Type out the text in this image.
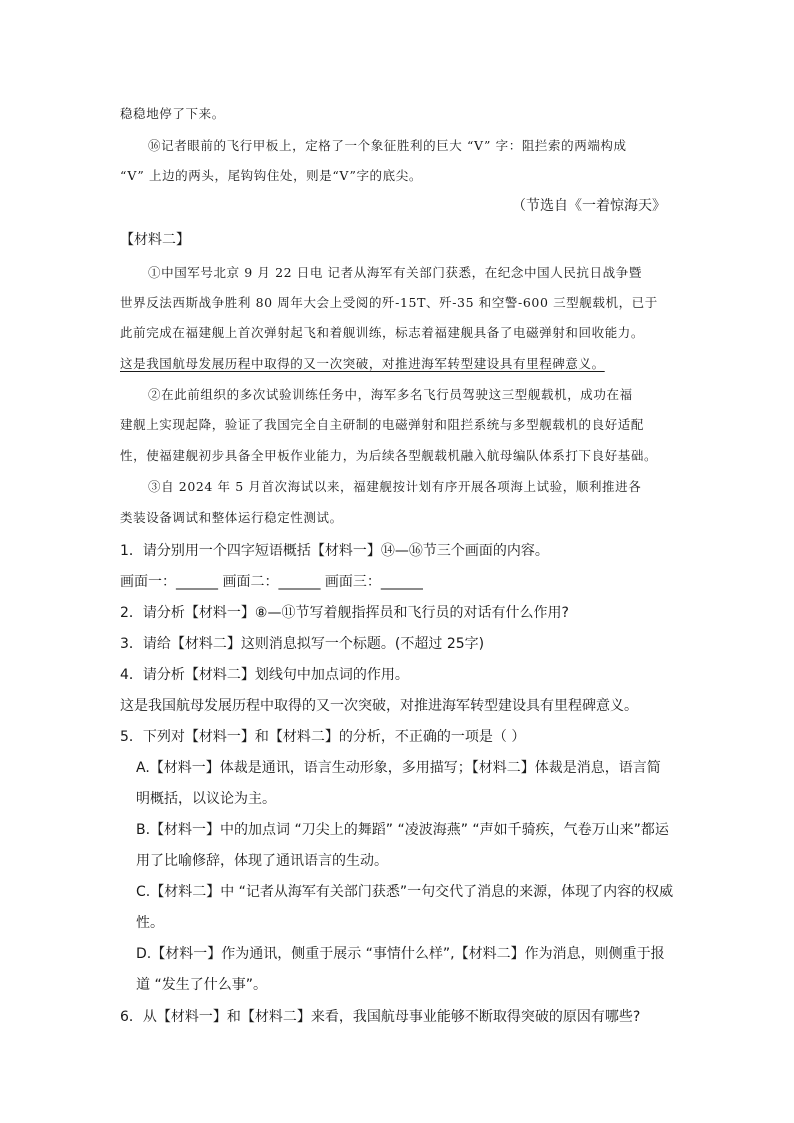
稳稳地停了下来。

⑯记者眼前的飞行甲板上，定格了一个象征胜利的巨大 “V” 字：阻拦索的两端构成

“V” 上边的两头，尾钩钩住处，则是“V”字的底尖。

（节选自《一着惊海天》

【材料二】

①中国军号北京 9 月 22 日电 记者从海军有关部门获悉，在纪念中国人民抗日战争暨

世界反法西斯战争胜利 80 周年大会上受阅的歼-15T、歼-35 和空警-600 三型舰载机，已于

此前完成在福建舰上首次弹射起飞和着舰训练，标志着福建舰具备了电磁弹射和回收能力。

这是我国航母发展历程中取得的又一次突破，对推进海军转型建设具有里程碑意义。

②在此前组织的多次试验训练任务中，海军多名飞行员驾驶这三型舰载机，成功在福

建舰上实现起降，验证了我国完全自主研制的电磁弹射和阻拦系统与多型舰载机的良好适配

性，使福建舰初步具备全甲板作业能力，为后续各型舰载机融入航母编队体系打下良好基础。

③自 2024 年 5 月首次海试以来，福建舰按计划有序开展各项海上试验，顺利推进各

类装设备调试和整体运行稳定性测试。

1．请分别用一个四字短语概括【材料一】⑭—⑯节三个画面的内容。

画面一：______ 画面二：______ 画面三：______

2．请分析【材料一】⑧—⑪节写着舰指挥员和飞行员的对话有什么作用?

3．请给【材料二】这则消息拟写一个标题。(不超过 25字)

4．请分析【材料二】划线句中加点词的作用。

这是我国航母发展历程中取得的又一次突破，对推进海军转型建设具有里程碑意义。

5．下列对【材料一】和【材料二】的分析，不正确的一项是（ ）

A.【材料一】体裁是通讯，语言生动形象，多用描写；【材料二】体裁是消息，语言简

明概括，以议论为主。

B.【材料一】中的加点词 “刀尖上的舞蹈” “凌波海燕” “声如千骑疾，气卷万山来”都运

用了比喻修辞，体现了通讯语言的生动。

C.【材料二】中 “记者从海军有关部门获悉”一句交代了消息的来源，体现了内容的权威

性。

D.【材料一】作为通讯，侧重于展示 “事情什么样”,【材料二】作为消息，则侧重于报

道 “发生了什么事”。

6．从【材料一】和【材料二】来看，我国航母事业能够不断取得突破的原因有哪些?
